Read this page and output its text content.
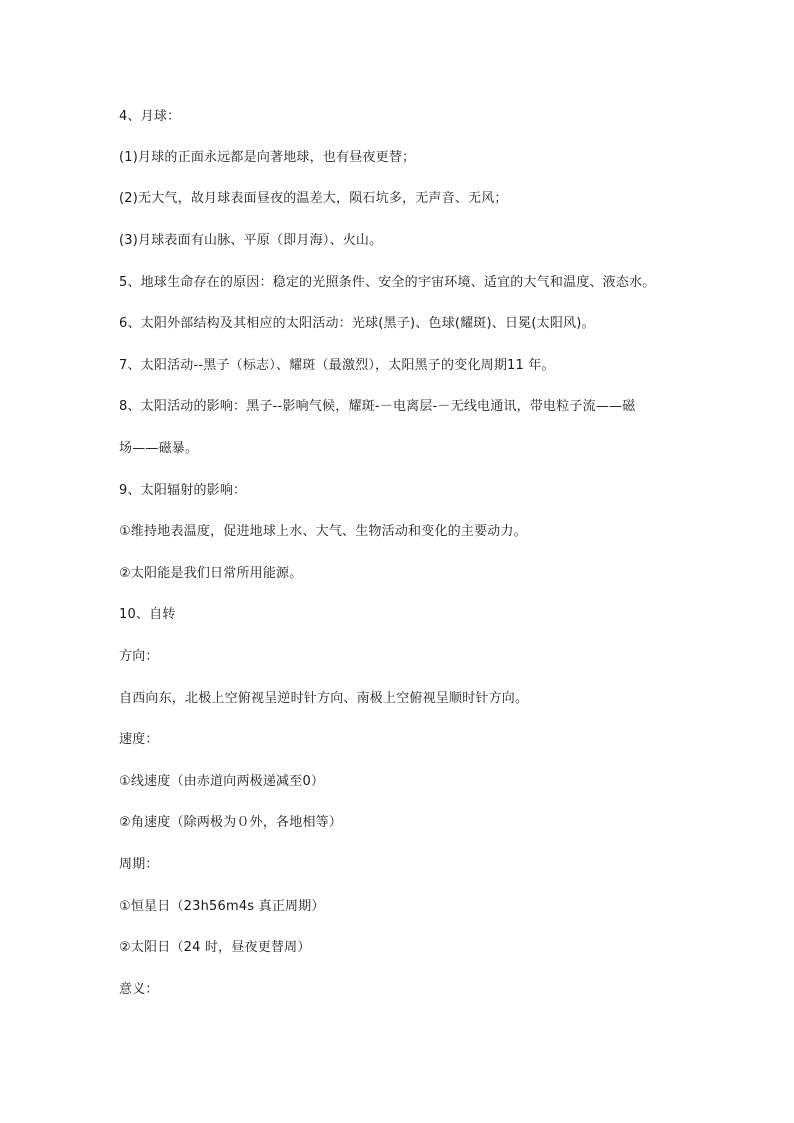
4、月球：
(1)月球的正面永远都是向著地球，也有昼夜更替；
(2)无大气，故月球表面昼夜的温差大，陨石坑多，无声音、无风；
(3)月球表面有山脉、平原（即月海）、火山。
5、地球生命存在的原因：稳定的光照条件、安全的宇宙环境、适宜的大气和温度、液态水。
6、太阳外部结构及其相应的太阳活动：光球(黑子)、色球(耀斑)、日冕(太阳风)。
7、太阳活动--黑子（标志）、耀斑（最激烈），太阳黑子的变化周期11 年。
8、太阳活动的影响：黑子--影响气候，耀斑-－电离层-－无线电通讯，带电粒子流——磁
场——磁暴。
9、太阳辐射的影响：
①维持地表温度，促进地球上水、大气、生物活动和变化的主要动力。
②太阳能是我们日常所用能源。
10、自转
方向：
自西向东，北极上空俯视呈逆时针方向、南极上空俯视呈顺时针方向。
速度：
①线速度（由赤道向两极递减至0）
②角速度（除两极为０外，各地相等）
周期：
①恒星日（23h56m4s 真正周期）
②太阳日（24 时，昼夜更替周）
意义：
